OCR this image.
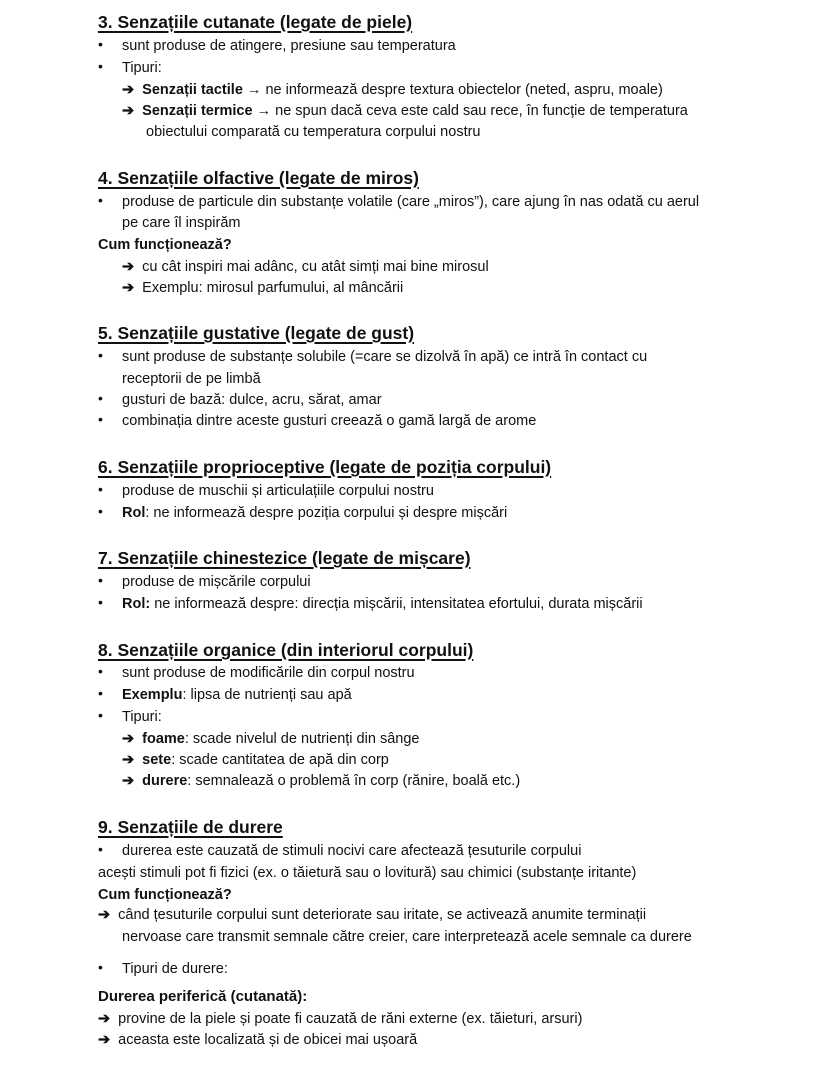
3. Senzațiile cutanate (legate de piele)
• sunt produse de atingere, presiune sau temperatura
• Tipuri:
➔ Senzații tactile → ne informează despre textura obiectelor (neted, aspru, moale)
➔ Senzații termice → ne spun dacă ceva este cald sau rece, în funcție de temperatura
obiectului comparată cu temperatura corpului nostru
4. Senzațiile olfactive (legate de miros)
• produse de particule din substanțe volatile (care „miros”), care ajung în nas odată cu aerul
pe care îl inspirăm
Cum funcționează?
➔ cu cât inspiri mai adânc, cu atât simți mai bine mirosul
➔ Exemplu: mirosul parfumului, al mâncării
5. Senzațiile gustative (legate de gust)
• sunt produse de substanțe solubile (=care se dizolvă în apă) ce intră în contact cu
receptorii de pe limbă
• gusturi de bază: dulce, acru, sărat, amar
• combinația dintre aceste gusturi creează o gamă largă de arome
6. Senzațiile proprioceptive (legate de poziția corpului)
• produse de muschii și articulațiile corpului nostru
• Rol: ne informează despre poziția corpului și despre mișcări
7. Senzațiile chinestezice (legate de mișcare)
• produse de mișcările corpului
• Rol: ne informează despre: direcția mișcării, intensitatea efortului, durata mișcării
8. Senzațiile organice (din interiorul corpului)
• sunt produse de modificările din corpul nostru
• Exemplu: lipsa de nutrienți sau apă
• Tipuri:
➔ foame: scade nivelul de nutrienți din sânge
➔ sete: scade cantitatea de apă din corp
➔ durere: semnalează o problemă în corp (rănire, boală etc.)
9. Senzațiile de durere
• durerea este cauzată de stimuli nocivi care afectează țesuturile corpului
acești stimuli pot fi fizici (ex. o tăietură sau o lovitură) sau chimici (substanțe iritante)
Cum funcționează?
➔ când țesuturile corpului sunt deteriorate sau iritate, se activează anumite terminații
nervoase care transmit semnale către creier, care interpretează acele semnale ca durere
• Tipuri de durere:
Durerea periferică (cutanată):
➔ provine de la piele și poate fi cauzată de răni externe (ex. tăieturi, arsuri)
➔ aceasta este localizată și de obicei mai ușoară
